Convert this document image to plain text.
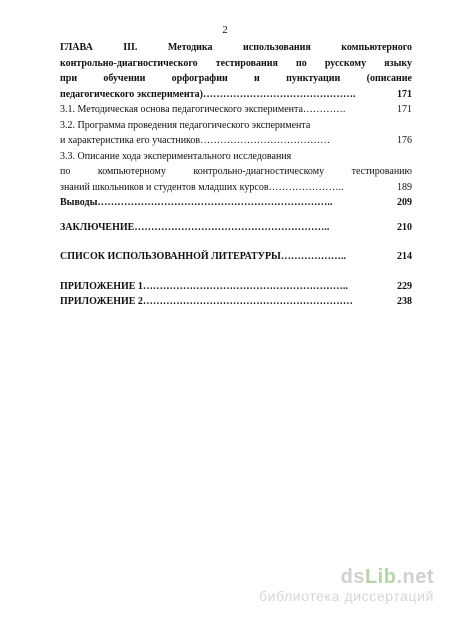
2
ГЛАВА III. Методика использования компьютерного
контрольно-диагностического тестирования по русскому языку
при обучении орфографии и пунктуации (описание
педагогического эксперимента)……………………………………….	171
3.1. Методическая основа педагогического эксперимента………….	171
3.2. Программа проведения педагогического эксперимента
и характеристика его участников…………………………………	176
3.3. Описание хода экспериментального исследования
по компьютерному контрольно-диагностическому тестированию
знаний школьников и студентов младших курсов…………………..	189
Выводы……………………………………………………………..	209
ЗАКЛЮЧЕНИЕ…………………………………………………..	210
СПИСОК ИСПОЛЬЗОВАННОЙ ЛИТЕРАТУРЫ………………..	214
ПРИЛОЖЕНИЕ 1……………………………………………………..	229
ПРИЛОЖЕНИЕ 2………………………………………………………	238
dsLib.net
библиотека диссертаций
